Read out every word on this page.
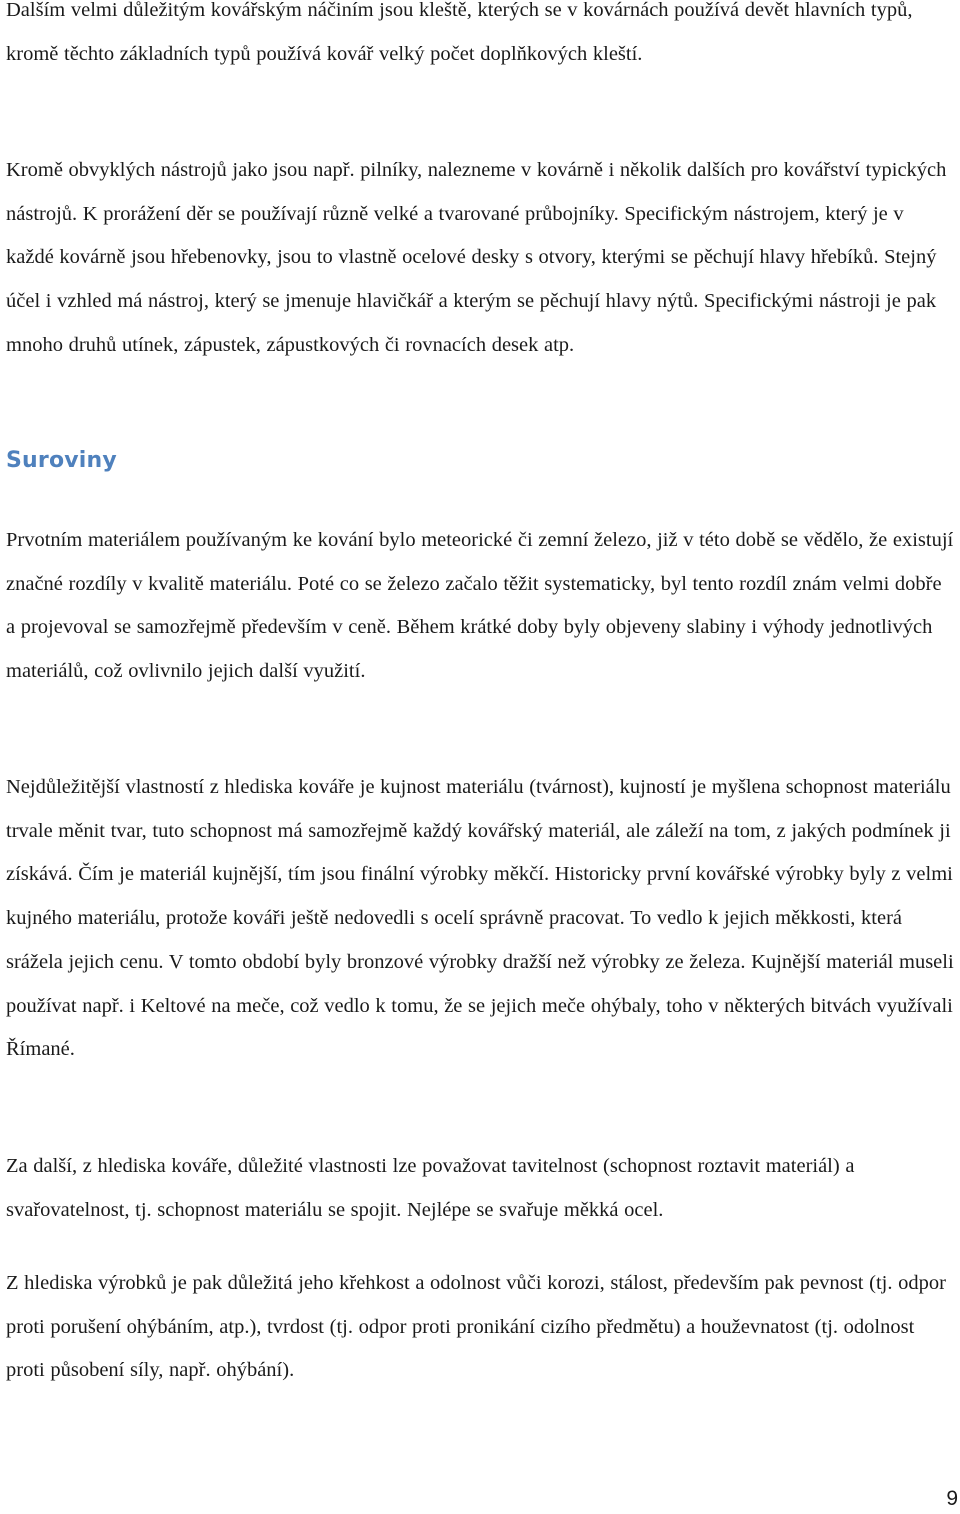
Dalším velmi důležitým kovářským náčiním jsou kleště, kterých se v kovárnách používá devět hlavních typů, kromě těchto základních typů používá kovář velký počet doplňkových kleští.

Kromě obvyklých nástrojů jako jsou např. pilníky, nalezneme v kovárně i několik dalších pro kovářství typických nástrojů. K prorážení děr se používají různě velké a tvarované průbojníky. Specifickým nástrojem, který je v každé kovárně jsou hřebenovky, jsou to vlastně ocelové desky s otvory, kterými se pěchují hlavy hřebíků. Stejný účel i vzhled má nástroj, který se jmenuje hlavičkář a kterým se pěchují hlavy nýtů. Specifickými nástroji je pak mnoho druhů utínek, zápustek, zápustkových či rovnacích desek atp.

Suroviny

Prvotním materiálem používaným ke kování bylo meteorické či zemní železo, již v této době se vědělo, že existují značné rozdíly v kvalitě materiálu. Poté co se železo začalo těžit systematicky, byl tento rozdíl znám velmi dobře a projevoval se samozřejmě především v ceně. Během krátké doby byly objeveny slabiny i výhody jednotlivých materiálů, což ovlivnilo jejich další využití.

Nejdůležitější vlastností z hlediska kováře je kujnost materiálu (tvárnost), kujností je myšlena schopnost materiálu trvale měnit tvar, tuto schopnost má samozřejmě každý kovářský materiál, ale záleží na tom, z jakých podmínek ji získává. Čím je materiál kujnější, tím jsou finální výrobky měkčí. Historicky první kovářské výrobky byly z velmi kujného materiálu, protože kováři ještě nedovedli s ocelí správně pracovat. To vedlo k jejich měkkosti, která srážela jejich cenu. V tomto období byly bronzové výrobky dražší než výrobky ze železa. Kujnější materiál museli používat např. i Keltové na meče, což vedlo k tomu, že se jejich meče ohýbaly, toho v některých bitvách využívali Římané.

Za další, z hlediska kováře, důležité vlastnosti lze považovat tavitelnost (schopnost roztavit materiál) a svařovatelnost, tj. schopnost materiálu se spojit. Nejlépe se svařuje měkká ocel.

Z hlediska výrobků je pak důležitá jeho křehkost a odolnost vůči korozi, stálost, především pak pevnost (tj. odpor proti porušení ohýbáním, atp.), tvrdost (tj. odpor proti pronikání cizího předmětu) a houževnatost (tj. odolnost proti působení síly, např. ohýbání).

9
